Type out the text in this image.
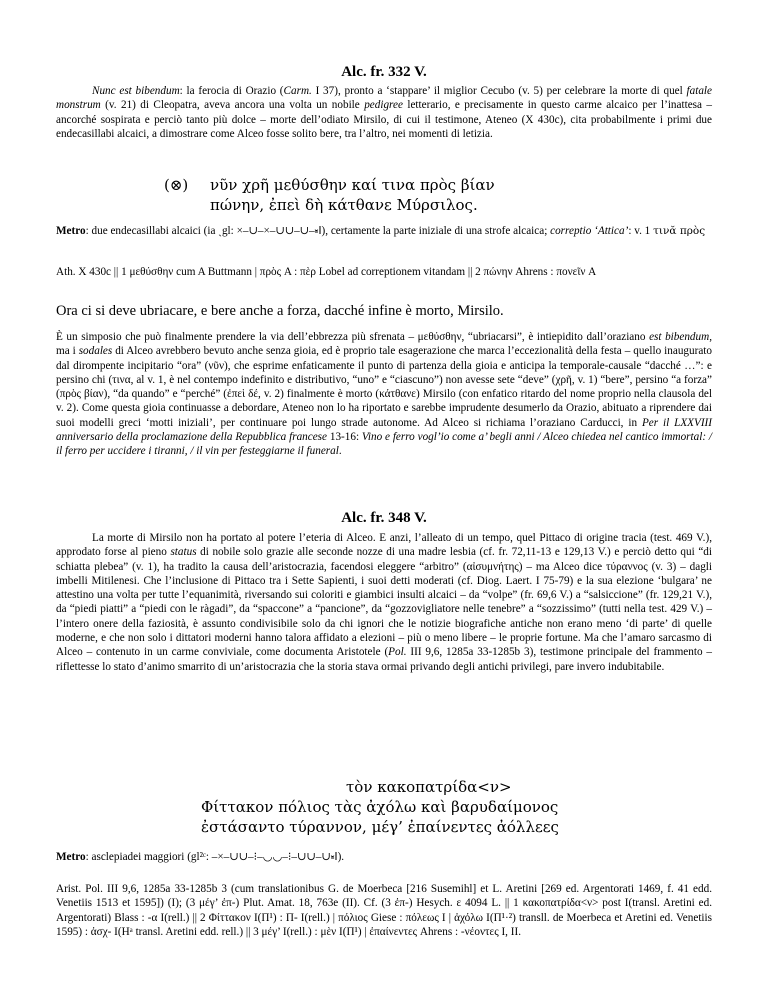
Alc. fr. 332 V.

Nunc est bibendum: la ferocia di Orazio (Carm. I 37), pronto a ‘stappare’ il miglior Cecubo (v. 5) per celebrare la morte di quel fatale monstrum (v. 21) di Cleopatra, aveva ancora una volta un nobile pedigree letterario, e precisamente in questo carme alcaico per l’inattesa – ancorché sospirata e perciò tanto più dolce – morte dell’odiato Mirsilo, di cui il testimone, Ateneo (X 430c), cita probabilmente i primi due endecasillabi alcaici, a dimostrare come Alceo fosse solito bere, tra l’altro, nei momenti di letizia.

(⊗) νῦν χρῆ μεθύσθην καί τινα πρὸς βίαν
πώνην, ἐπεὶ δὴ κάτθανε Μύρσιλος.

Metro: due endecasillabi alcaici (ia ˏgl: ×–∪–×–∪∪–∪–⏓‖), certamente la parte iniziale di una strofe alcaica; correptio ‘Attica’: v. 1 τινᾰ πρὸς

Ath. X 430c || 1 μεθύσθην cum A Buttmann | πρὸς A : πὲρ Lobel ad correptionem vitandam || 2 πώνην Ahrens : πονεῖν A

Ora ci si deve ubriacare, e bere anche a forza, dacché infine è morto, Mirsilo.

È un simposio che può finalmente prendere la via dell’ebbrezza più sfrenata – μεθύσθην, “ubriacarsi”, è intiepidito dall’oraziano est bibendum, ma i sodales di Alceo avrebbero bevuto anche senza gioia, ed è proprio tale esagerazione che marca l’eccezionalità della festa – quello inaugurato dal dirompente incipitario “ora” (νῦν), che esprime enfaticamente il punto di partenza della gioia e anticipa la temporale-causale “dacché …”: e persino chi (τινα, al v. 1, è nel contempo indefinito e distributivo, “uno” e “ciascuno”) non avesse sete “deve” (χρῆ, v. 1) “bere”, persino “a forza” (πρὸς βίαν), “da quando” e “perché” (ἐπεὶ δέ, v. 2) finalmente è morto (κάτθανε) Mirsilo (con enfatico ritardo del nome proprio nella clausola del v. 2). Come questa gioia continuasse a debordare, Ateneo non lo ha riportato e sarebbe imprudente desumerlo da Orazio, abituato a riprendere dai suoi modelli greci ‘motti iniziali’, per continuare poi lungo strade autonome. Ad Alceo si richiama l’oraziano Carducci, in Per il LXXVIII anniversario della proclamazione della Repubblica francese 13-16: Vino e ferro vogl’io come a’ begli anni / Alceo chiedea nel cantico immortal: / il ferro per uccidere i tiranni, / il vin per festeggiarne il funeral.

Alc. fr. 348 V.

La morte di Mirsilo non ha portato al potere l’eteria di Alceo. E anzi, l’alleato di un tempo, quel Pittaco di origine tracia (test. 469 V.), approdato forse al pieno status di nobile solo grazie alle seconde nozze di una madre lesbia (cf. fr. 72,11-13 e 129,13 V.) e perciò detto qui “di schiatta plebea” (v. 1), ha tradito la causa dell’aristocrazia, facendosi eleggere “arbitro” (αἰσυμνήτης) – ma Alceo dice τύραννος (v. 3) – dagli imbelli Mitilenesi. Che l’inclusione di Pittaco tra i Sette Sapienti, i suoi detti moderati (cf. Diog. Laert. I 75-79) e la sua elezione ‘bulgara’ ne attestino una volta per tutte l’equanimità, riversando sui coloriti e giambici insulti alcaici – da “volpe” (fr. 69,6 V.) a “salsiccione” (fr. 129,21 V.), da “piedi piatti” a “piedi con le ràgadi”, da “spaccone” a “pancione”, da “gozzovigliatore nelle tenebre” a “sozzissimo” (tutti nella test. 429 V.) – l’intero onere della faziosità, è assunto condivisibile solo da chi ignori che le notizie biografiche antiche non erano meno ‘di parte’ di quelle moderne, e che non solo i dittatori moderni hanno talora affidato a elezioni – più o meno libere – le proprie fortune. Ma che l’amaro sarcasmo di Alceo – contenuto in un carme conviviale, come documenta Aristotele (Pol. III 9,6, 1285a 33-1285b 3), testimone principale del frammento – riflettesse lo stato d’animo smarrito di un’aristocrazia che la storia stava ormai privando degli antichi privilegi, pare invero indubitabile.

τὸν κακοπατρίδα<ν>
Φίττακον πόλιος τὰς ἀχόλω καὶ βαρυδαίμονος
ἐστάσαντο τύραννον, μέγ’ ἐπαίνεντες ἀόλλεες

Metro: asclepiadei maggiori (gl²ᶜ: –×–∪∪–⁝–◡◡–⁝–∪∪–∪⏓‖).

Arist. Pol. III 9,6, 1285a 33-1285b 3 (cum translationibus G. de Moerbeca [216 Susemihl] et L. Aretini [269 ed. Argentorati 1469, f. 41 edd. Venetiis 1513 et 1595]) (I); (3 μέγ’ ἐπ-) Plut. Amat. 18, 763e (II). Cf. (3 ἐπ-) Hesych. ε 4094 L. || 1 κακοπατρίδα<ν> post I(transl. Aretini ed. Argentorati) Blass : -α I(rell.) || 2 Φίττακον I(Π¹) : Π- I(rell.) | πόλιος Giese : πόλεως I | ἀχόλω I(Π¹·²) transll. de Moerbeca et Aretini ed. Venetiis 1595) : ἀσχ- I(Hᵃ transl. Aretini edd. rell.) || 3 μέγ’ I(rell.) : μὲν I(Π¹) | ἐπαίνεντες Ahrens : -νέοντες I, II.
